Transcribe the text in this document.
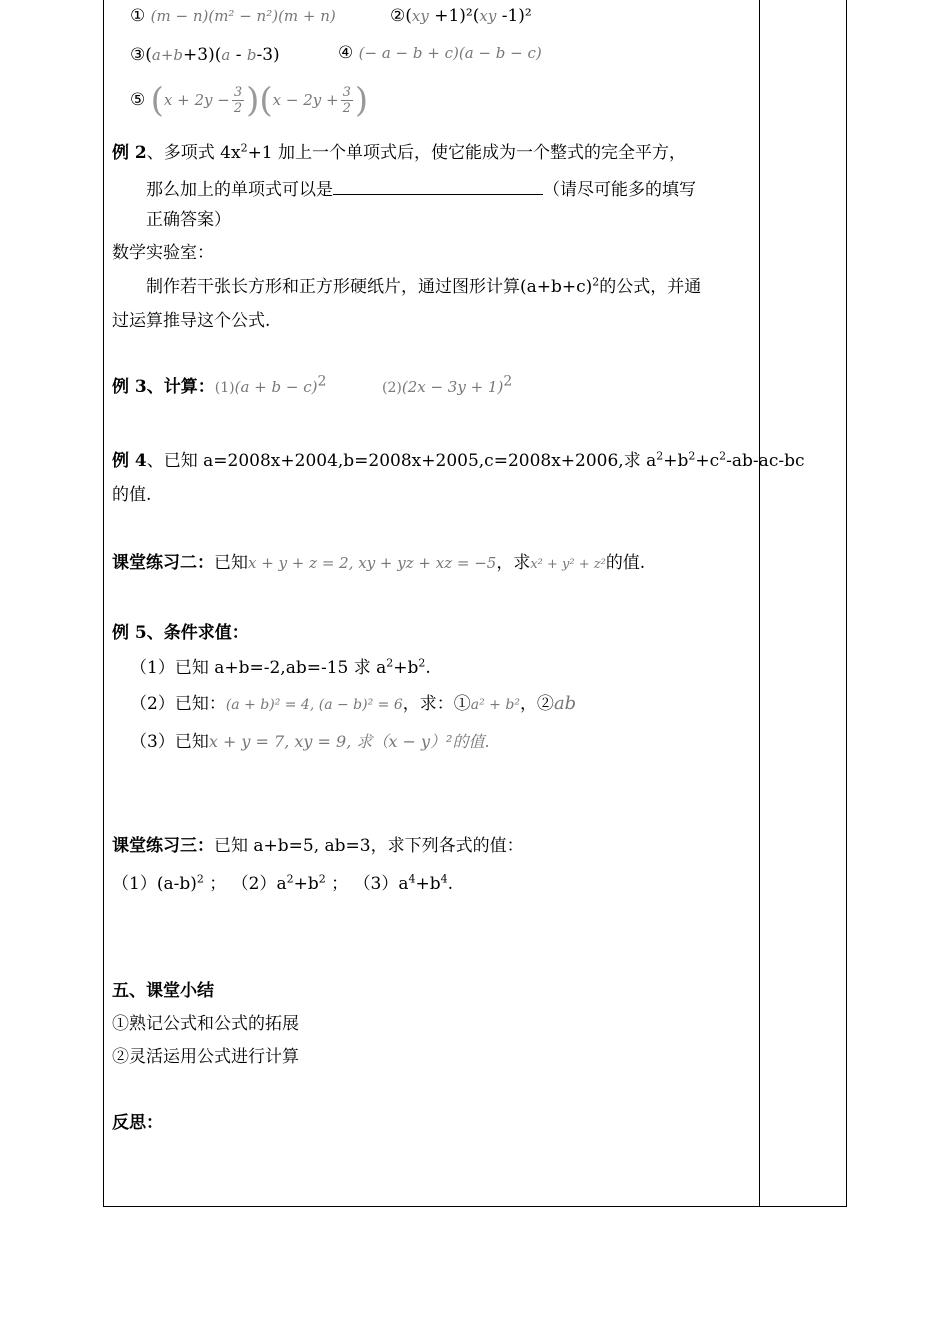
① (m − n)(m² − n²)(m + n)	②(xy +1)²(xy -1)²
③(a+b+3)(a - b-3)	④ (− a − b + c)(a − b − c)
⑤ $(x + 2y - \frac{3}{2} )(x - 2y + \frac{3}{2}$ )
例 2、多项式 $4x^2+1$ 加上一个单项式后，使它能成为一个整式的完全平方，
那么加上的单项式可以是	（请尽可能多的填写
正确答案）
数学实验室：
制作若干张长方形和正方形硬纸片，通过图形计算$(a+b+c)^2$的公式，并通
过运算推导这个公式.
例 3、计算：$(1)(a + b - c)^2$	$(2)(2x - 3y + 1)^2$
例 4、已知 a=2008x+2004,b=2008x+2005,c=2008x+2006,求 $a^2+b^2+c^2-ab-ac-bc$
的值.
课堂练习二：已知x + y + z = 2, xy + yz + xz = −5，求x² + y² + z²的值.
例 5、条件求值：
（1）已知 a+b=-2,ab=-15 求 $a^2+b^2$.
（2）已知：(a + b)² = 4, (a − b)² = 6，求：①a² + b²，②ab
（3）已知x + y = 7, xy = 9, 求（x − y）²的值.
课堂练习三：已知 a+b=5, ab=3，求下列各式的值：
$(1)(a-b)^2$ ； $(2)a^2+b^2$ ； $(3)a^4+b^4$.
五、课堂小结
①熟记公式和公式的拓展
②灵活运用公式进行计算
反思：
